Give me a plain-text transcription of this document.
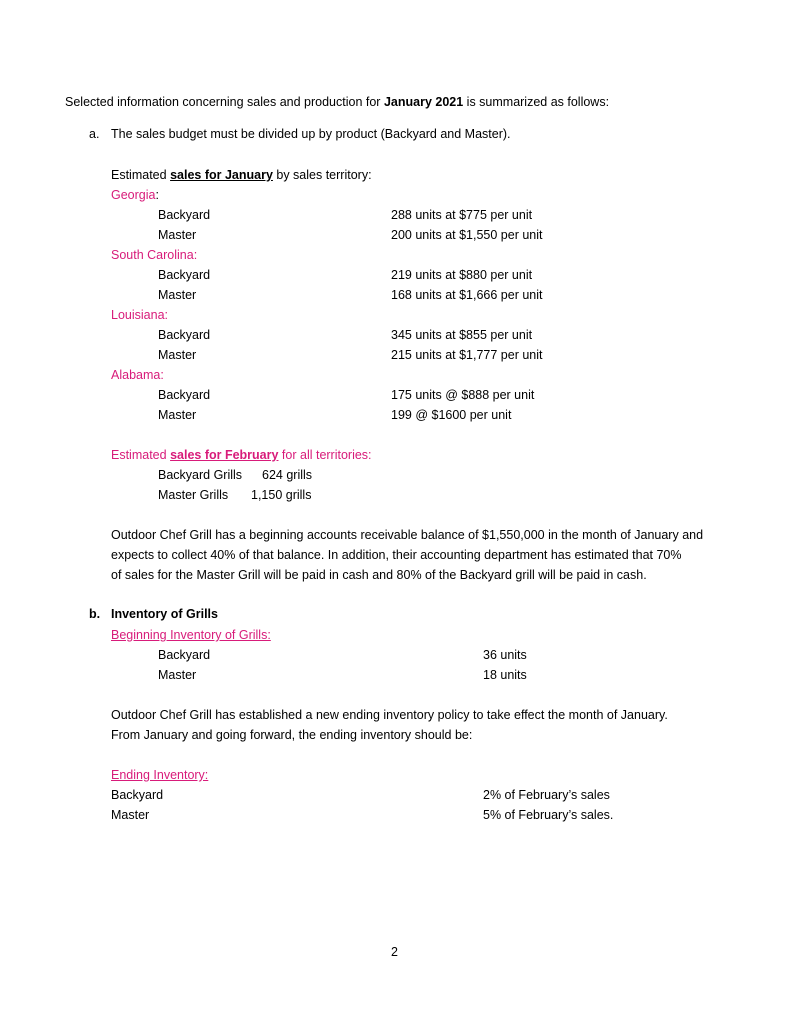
Selected information concerning sales and production for January 2021 is summarized as follows:
a. The sales budget must be divided up by product (Backyard and Master).
Estimated sales for January by sales territory:
Georgia:
Backyard	288 units at $775 per unit
Master	200 units at $1,550 per unit
South Carolina:
Backyard	219 units at $880 per unit
Master	168 units at $1,666 per unit
Louisiana:
Backyard	345 units at $855 per unit
Master	215 units at $1,777 per unit
Alabama:
Backyard	175 units @ $888 per unit
Master	199 @ $1600 per unit
Estimated sales for February for all territories:
Backyard Grills 624 grills
Master Grills 1,150 grills
Outdoor Chef Grill has a beginning accounts receivable balance of $1,550,000 in the month of January and
expects to collect 40% of that balance. In addition, their accounting department has estimated that 70%
of sales for the Master Grill will be paid in cash and 80% of the Backyard grill will be paid in cash.
b. Inventory of Grills
Beginning Inventory of Grills:
Backyard	36 units
Master	18 units
Outdoor Chef Grill has established a new ending inventory policy to take effect the month of January.
From January and going forward, the ending inventory should be:
Ending Inventory:
Backyard	2% of February’s sales
Master	5% of February’s sales.
2
